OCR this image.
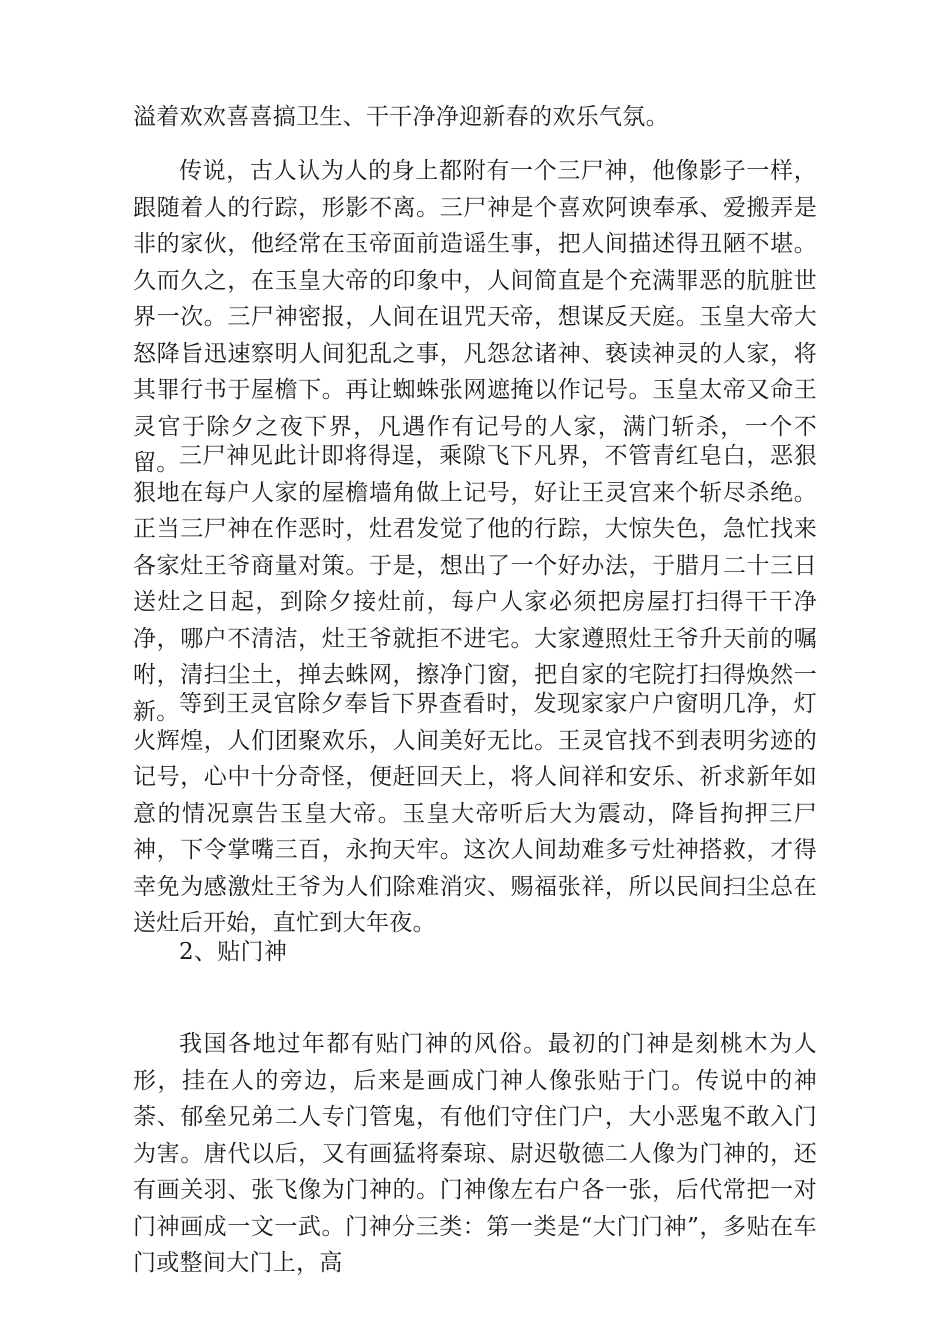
溢着欢欢喜喜搞卫生、干干净净迎新春的欢乐气氛。

传说，古人认为人的身上都附有一个三尸神，他像影子一样，跟随着人的行踪，形影不离。三尸神是个喜欢阿谀奉承、爱搬弄是非的家伙，他经常在玉帝面前造谣生事，把人间描述得丑陋不堪。久而久之，在玉皇大帝的印象中，人间简直是个充满罪恶的肮脏世界一次。三尸神密报，人间在诅咒天帝，想谋反天庭。玉皇大帝大怒降旨迅速察明人间犯乱之事，凡怨忿诸神、亵读神灵的人家，将其罪行书于屋檐下。再让蜘蛛张网遮掩以作记号。玉皇太帝又命王灵官于除夕之夜下界，凡遇作有记号的人家，满门斩杀，一个不留。 三尸神见此计即将得逞，乘隙飞下凡界，不管青红皂白，恶狠狠地在每户人家的屋檐墙角做上记号，好让王灵宫来个斩尽杀绝。正当三尸神在作恶时，灶君发觉了他的行踪，大惊失色，急忙找来各家灶王爷商量对策。于是，想出了一个好办法，于腊月二十三日送灶之日起，到除夕接灶前，每户人家必须把房屋打扫得干干净净，哪户不清洁，灶王爷就拒不进宅。大家遵照灶王爷升天前的嘱咐，清扫尘土，掸去蛛网，擦净门窗，把自家的宅院打扫得焕然一新。 等到王灵官除夕奉旨下界查看时，发现家家户户窗明几净，灯火辉煌，人们团聚欢乐，人间美好无比。王灵官找不到表明劣迹的记号，心中十分奇怪，便赶回天上，将人间祥和安乐、祈求新年如意的情况禀告玉皇大帝。玉皇大帝听后大为震动，降旨拘押三尸神，下令掌嘴三百，永拘天牢。这次人间劫难多亏灶神搭救，才得幸免为感激灶王爷为人们除难消灾、赐福张祥，所以民间扫尘总在送灶后开始，直忙到大年夜。

2、贴门神

我国各地过年都有贴门神的风俗。最初的门神是刻桃木为人形，挂在人的旁边，后来是画成门神人像张贴于门。传说中的神荼、郁垒兄弟二人专门管鬼，有他们守住门户，大小恶鬼不敢入门为害。唐代以后，又有画猛将秦琼、尉迟敬德二人像为门神的，还有画关羽、张飞像为门神的。门神像左右户各一张，后代常把一对门神画成一文一武。门神分三类：第一类是“大门门神”，多贴在车门或整间大门上，高
